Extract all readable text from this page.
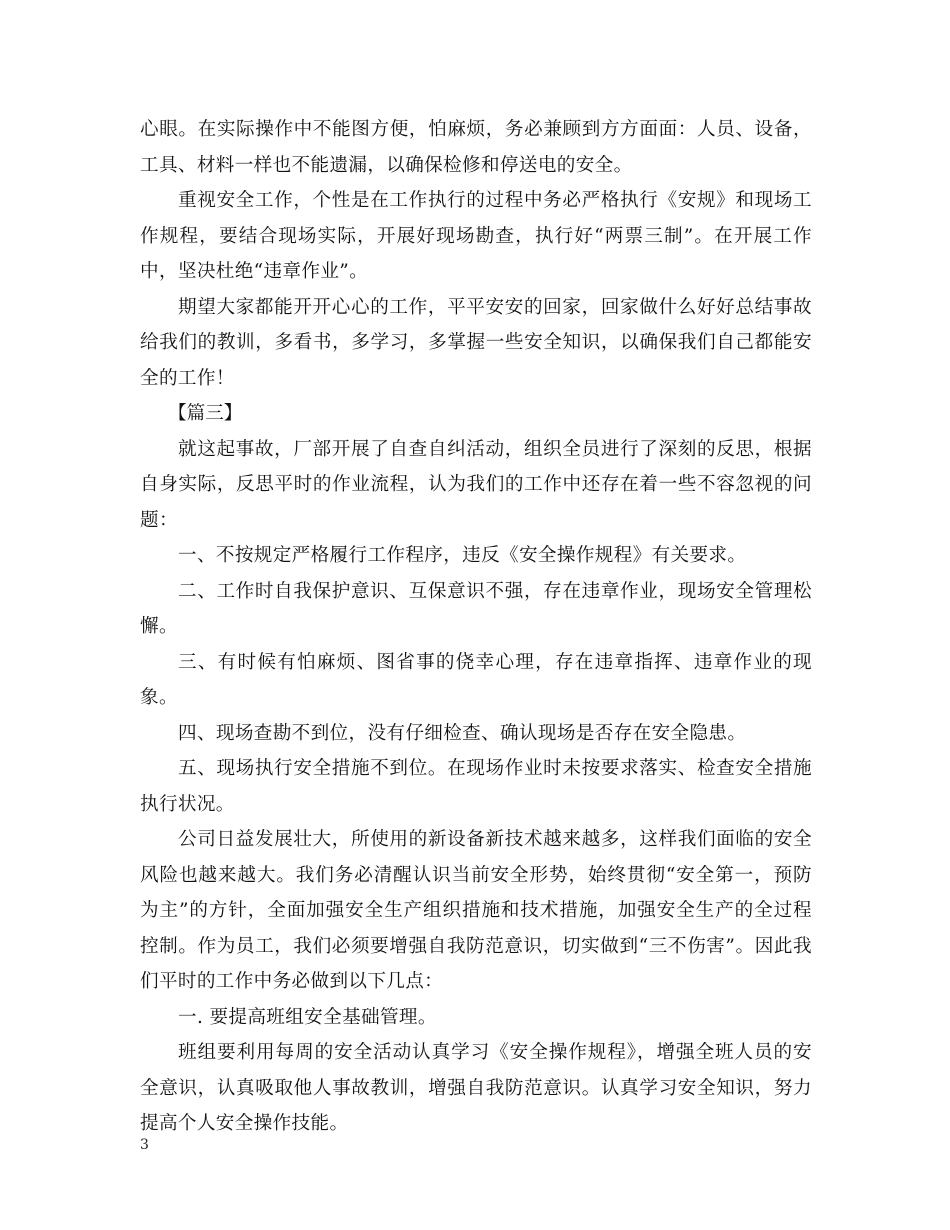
心眼。在实际操作中不能图方便，怕麻烦，务必兼顾到方方面面：人员、设备，工具、材料一样也不能遗漏，以确保检修和停送电的安全。

重视安全工作，个性是在工作执行的过程中务必严格执行《安规》和现场工作规程，要结合现场实际，开展好现场勘查，执行好“两票三制”。在开展工作中，坚决杜绝“违章作业”。

期望大家都能开开心心的工作，平平安安的回家，回家做什么好好总结事故给我们的教训，多看书，多学习，多掌握一些安全知识，以确保我们自己都能安全的工作！

【篇三】

就这起事故，厂部开展了自查自纠活动，组织全员进行了深刻的反思，根据自身实际，反思平时的作业流程，认为我们的工作中还存在着一些不容忽视的问题：

一、不按规定严格履行工作程序，违反《安全操作规程》有关要求。

二、工作时自我保护意识、互保意识不强，存在违章作业，现场安全管理松懈。

三、有时候有怕麻烦、图省事的侥幸心理，存在违章指挥、违章作业的现象。

四、现场查勘不到位，没有仔细检查、确认现场是否存在安全隐患。

五、现场执行安全措施不到位。在现场作业时未按要求落实、检查安全措施执行状况。

公司日益发展壮大，所使用的新设备新技术越来越多，这样我们面临的安全风险也越来越大。我们务必清醒认识当前安全形势，始终贯彻“安全第一，预防为主”的方针，全面加强安全生产组织措施和技术措施，加强安全生产的全过程控制。作为员工，我们必须要增强自我防范意识，切实做到“三不伤害”。因此我们平时的工作中务必做到以下几点：

一. 要提高班组安全基础管理。

班组要利用每周的安全活动认真学习《安全操作规程》，增强全班人员的安全意识，认真吸取他人事故教训，增强自我防范意识。认真学习安全知识，努力提高个人安全操作技能。

3
